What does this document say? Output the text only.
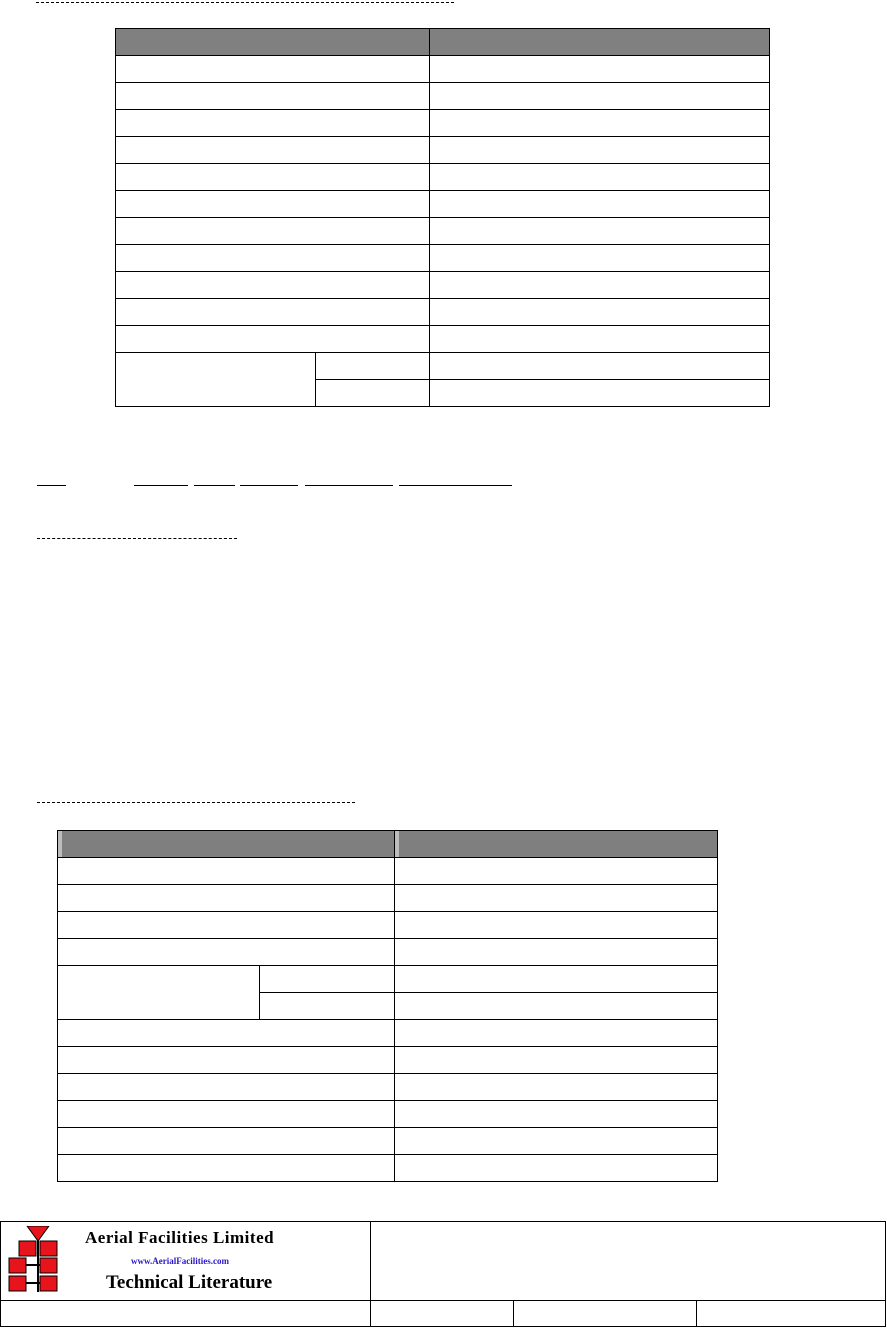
Aerial Facilities Limited
www.AerialFacilities.com
Technical Literature
